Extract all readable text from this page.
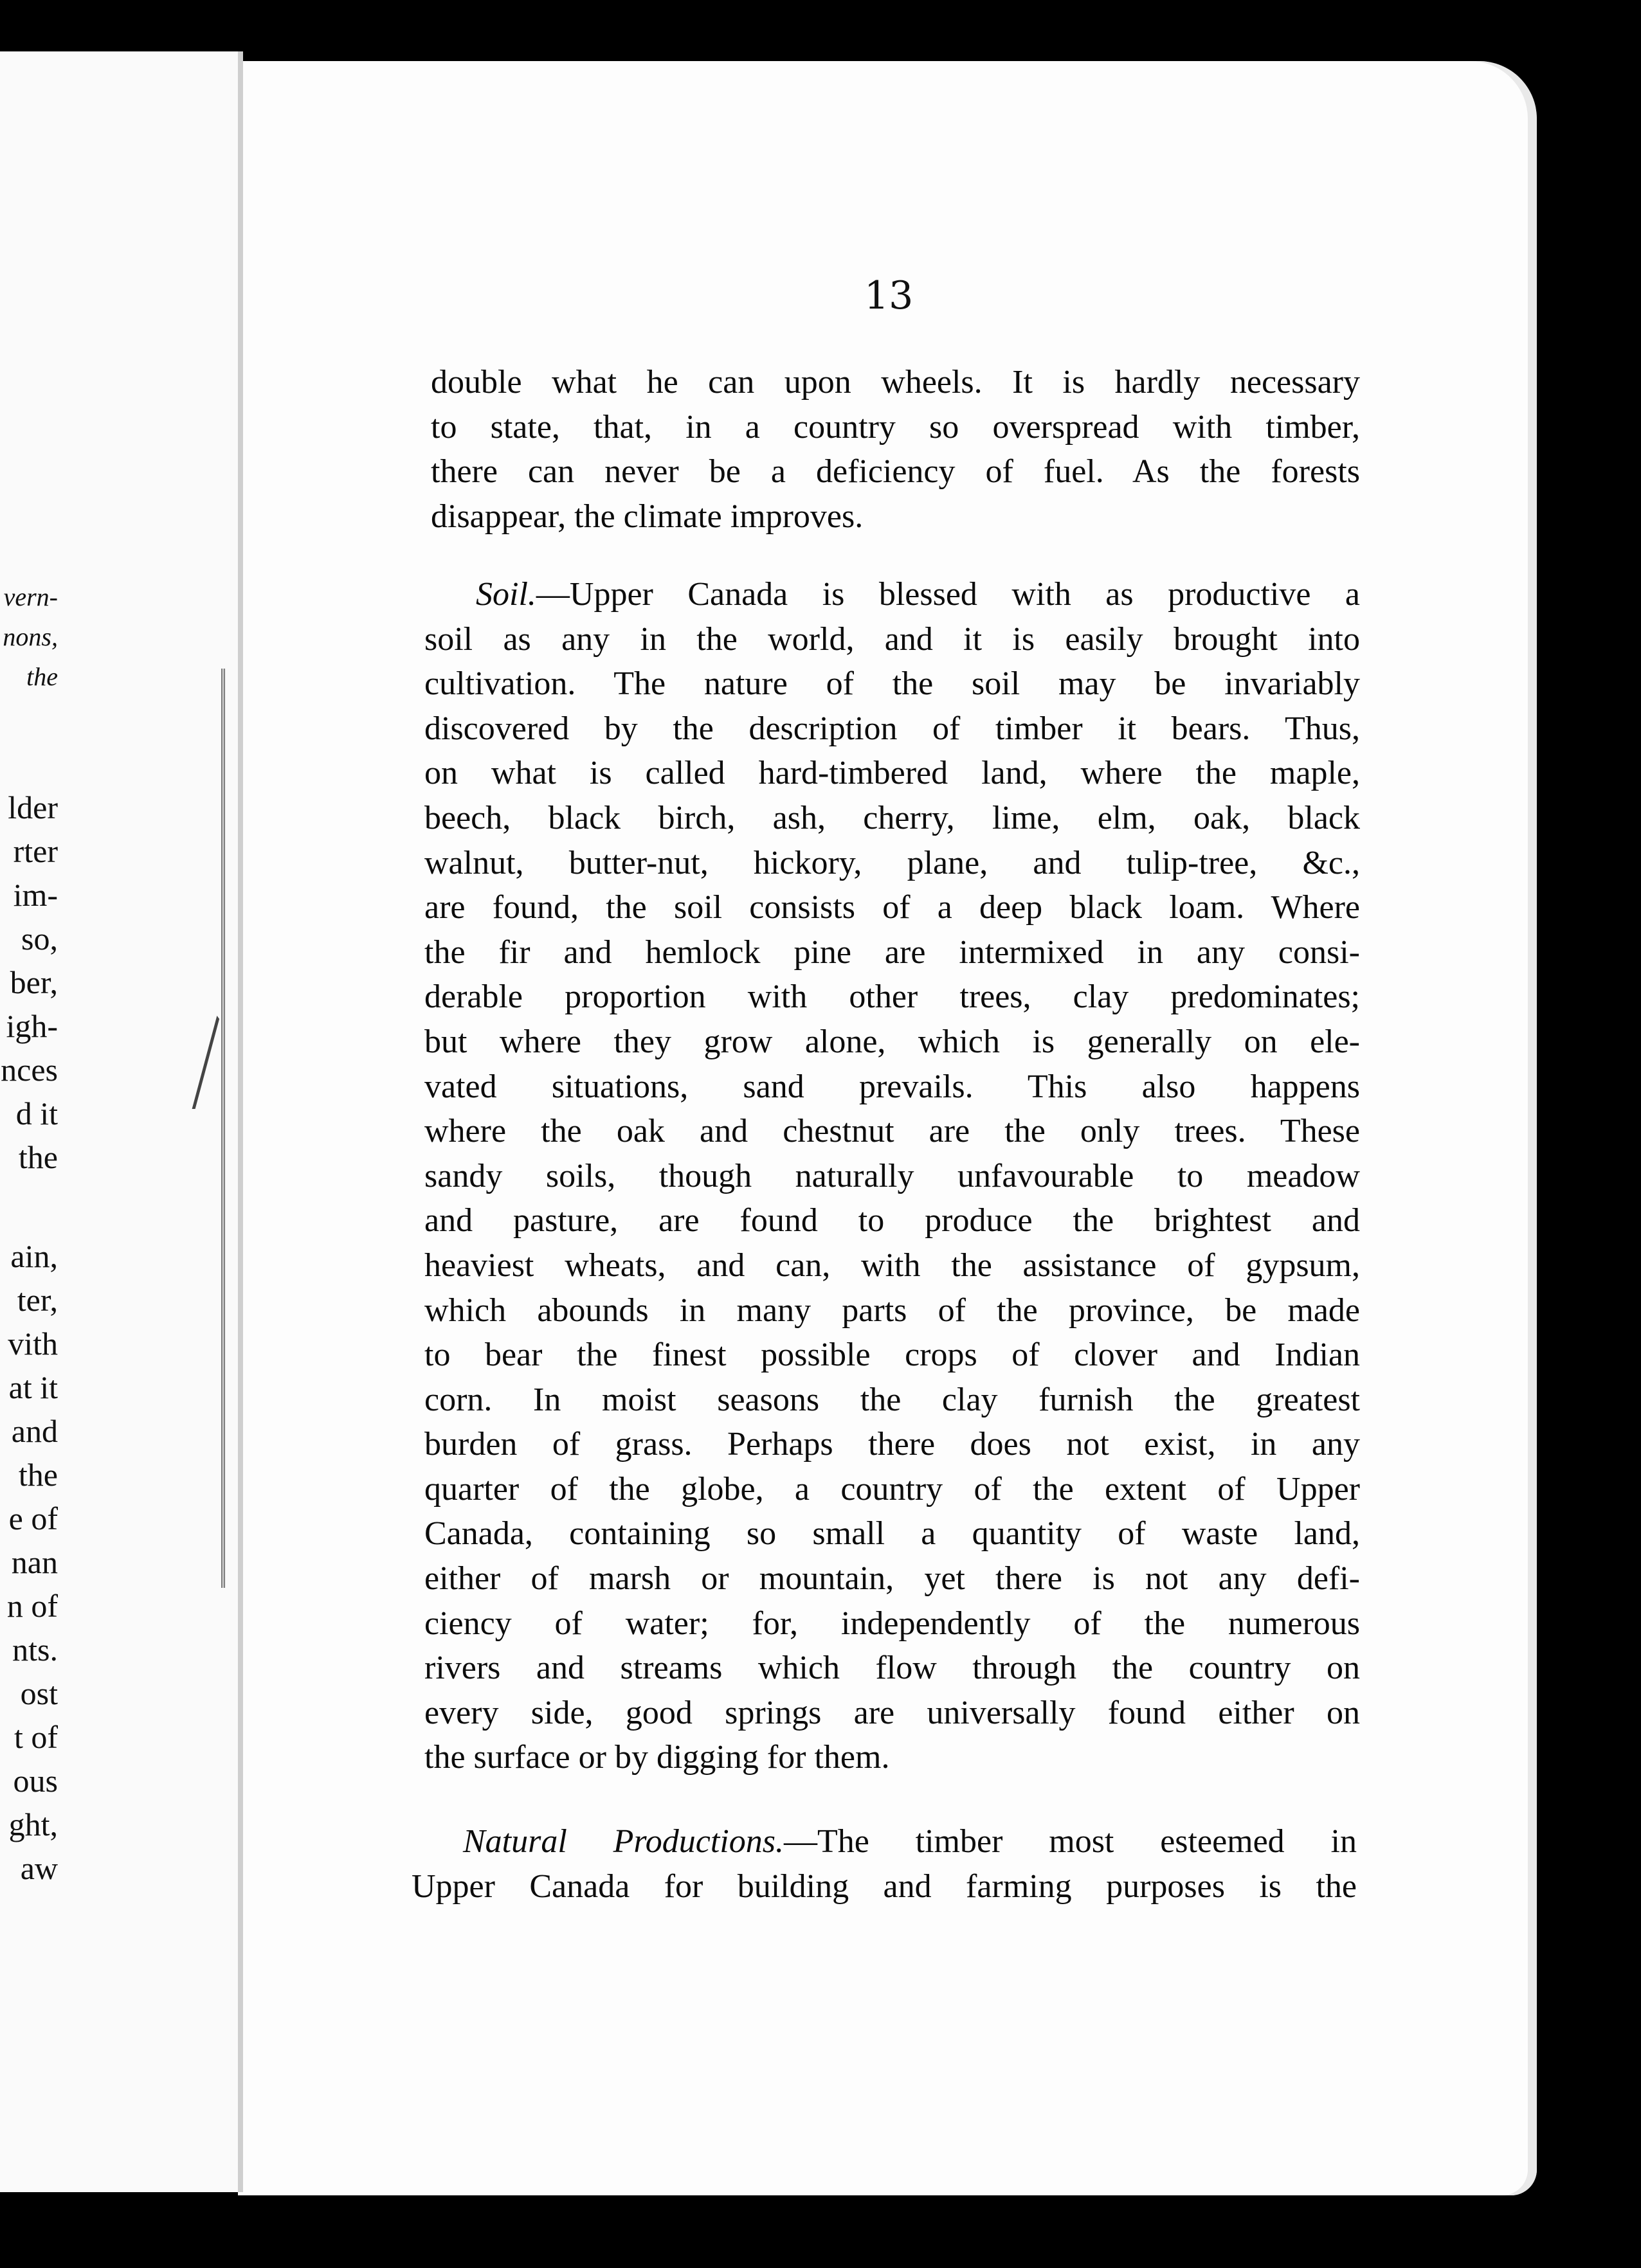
vern-
nons,
the
lder
rter
im-
so,
ber,
igh-
nces
d it
the
ain,
ter,
vith
at it
and
the
e of
nan
n of
nts.
ost
t of
ous
ght,
aw
13

double what he can upon wheels. It is hardly necessary
to state, that, in a country so overspread with timber,
there can never be a deficiency of fuel. As the forests
disappear, the climate improves.

Soil.—Upper Canada is blessed with as productive a
soil as any in the world, and it is easily brought into
cultivation. The nature of the soil may be invariably
discovered by the description of timber it bears. Thus,
on what is called hard-timbered land, where the maple,
beech, black birch, ash, cherry, lime, elm, oak, black
walnut, butter-nut, hickory, plane, and tulip-tree, &c.,
are found, the soil consists of a deep black loam. Where
the fir and hemlock pine are intermixed in any consi-
derable proportion with other trees, clay predominates;
but where they grow alone, which is generally on ele-
vated situations, sand prevails. This also happens
where the oak and chestnut are the only trees. These
sandy soils, though naturally unfavourable to meadow
and pasture, are found to produce the brightest and
heaviest wheats, and can, with the assistance of gypsum,
which abounds in many parts of the province, be made
to bear the finest possible crops of clover and Indian
corn. In moist seasons the clay furnish the greatest
burden of grass. Perhaps there does not exist, in any
quarter of the globe, a country of the extent of Upper
Canada, containing so small a quantity of waste land,
either of marsh or mountain, yet there is not any defi-
ciency of water; for, independently of the numerous
rivers and streams which flow through the country on
every side, good springs are universally found either on
the surface or by digging for them.

Natural Productions.—The timber most esteemed in
Upper Canada for building and farming purposes is the
